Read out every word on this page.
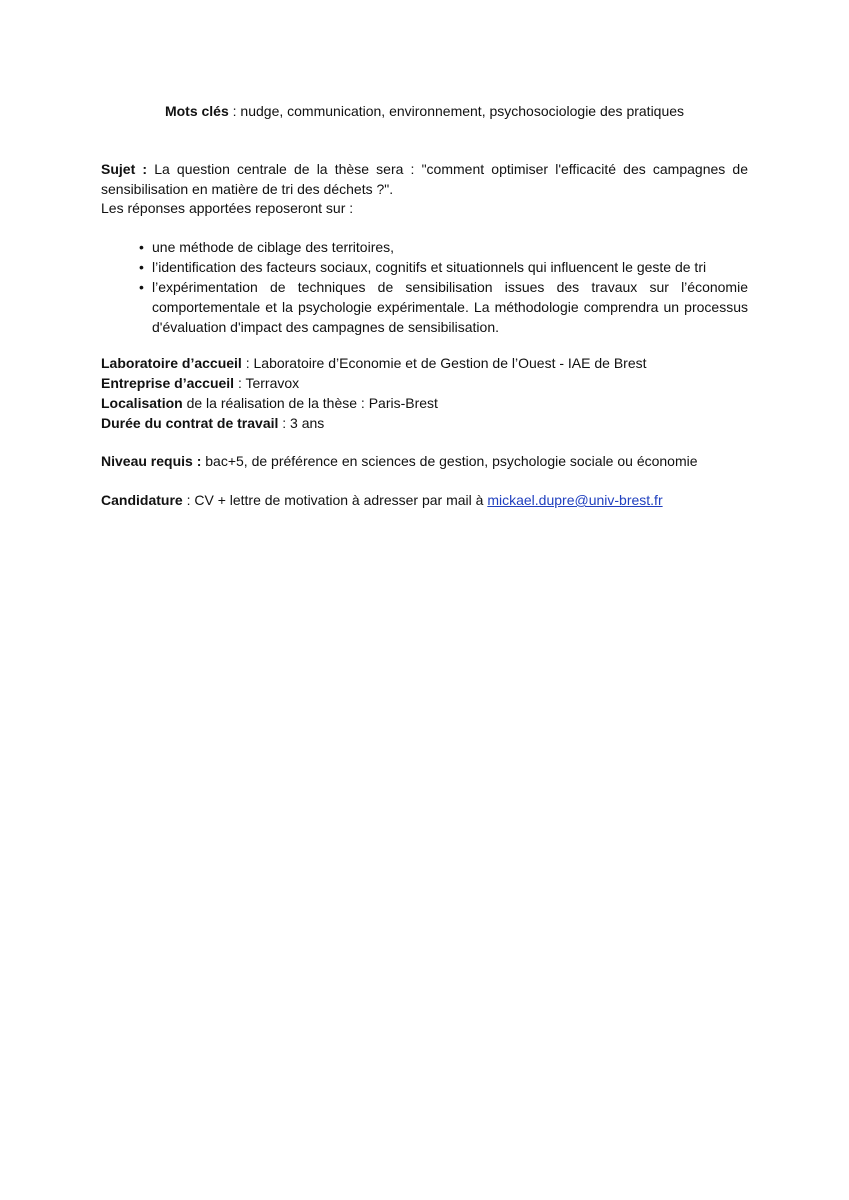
Mots clés : nudge, communication, environnement, psychosociologie des pratiques
Sujet : La question centrale de la thèse sera : "comment optimiser l'efficacité des campagnes de sensibilisation en matière de tri des déchets ?".
Les réponses apportées reposeront sur :
• une méthode de ciblage des territoires,
• l’identification des facteurs sociaux, cognitifs et situationnels qui influencent le geste de tri
• l’expérimentation de techniques de sensibilisation issues des travaux sur l’économie comportementale et la psychologie expérimentale. La méthodologie comprendra un processus d'évaluation d'impact des campagnes de sensibilisation.
Laboratoire d’accueil : Laboratoire d’Economie et de Gestion de l’Ouest - IAE de Brest
Entreprise d’accueil : Terravox
Localisation de la réalisation de la thèse : Paris-Brest
Durée du contrat de travail : 3 ans
Niveau requis : bac+5, de préférence en sciences de gestion, psychologie sociale ou économie
Candidature : CV + lettre de motivation à adresser par mail à mickael.dupre@univ-brest.fr
